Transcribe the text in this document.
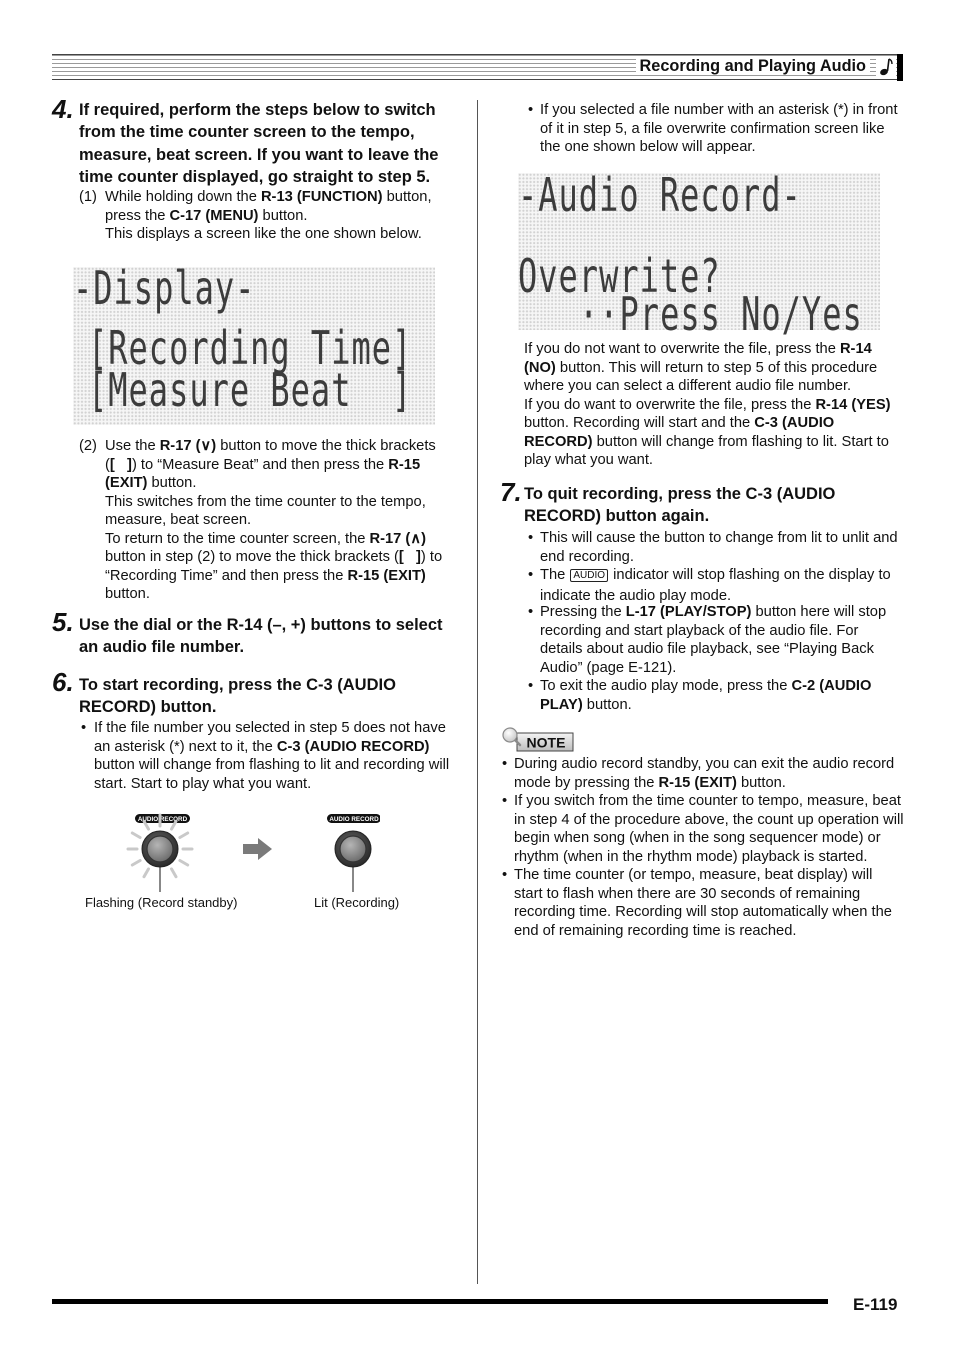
Recording and Playing Audio
4. If required, perform the steps below to switch
from the time counter screen to the tempo,
measure, beat screen. If you want to leave the
time counter displayed, go straight to step 5.
(1) While holding down the R-13 (FUNCTION) button,
press the C-17 (MENU) button.
This displays a screen like the one shown below.
-Display-
[Recording Time]
[Measure Beat  ]
(2) Use the R-17 (∨) button to move the thick brackets
([   ]) to “Measure Beat” and then press the R-15
(EXIT) button.
This switches from the time counter to the tempo,
measure, beat screen.
To return to the time counter screen, the R-17 (∧)
button in step (2) to move the thick brackets ([   ]) to
“Recording Time” and then press the R-15 (EXIT)
button.
5. Use the dial or the R-14 (–, +) buttons to select
an audio file number.
6. To start recording, press the C-3 (AUDIO
RECORD) button.
• If the file number you selected in step 5 does not have
an asterisk (*) next to it, the C-3 (AUDIO RECORD)
button will change from flashing to lit and recording will
start. Start to play what you want.
AUDIO RECORD	AUDIO RECORD
Flashing (Record standby)	Lit (Recording)
• If you selected a file number with an asterisk (*) in front
of it in step 5, a file overwrite confirmation screen like
the one shown below will appear.
-Audio Record-
Overwrite?
··Press No/Yes
If you do not want to overwrite the file, press the R-14
(NO) button. This will return to step 5 of this procedure
where you can select a different audio file number.
If you do want to overwrite the file, press the R-14 (YES)
button. Recording will start and the C-3 (AUDIO
RECORD) button will change from flashing to lit. Start to
play what you want.
7. To quit recording, press the C-3 (AUDIO
RECORD) button again.
• This will cause the button to change from lit to unlit and
end recording.
• The AUDIO indicator will stop flashing on the display to
indicate the audio play mode.
• Pressing the L-17 (PLAY/STOP) button here will stop
recording and start playback of the audio file. For
details about audio file playback, see “Playing Back
Audio” (page E-121).
• To exit the audio play mode, press the C-2 (AUDIO
PLAY) button.
NOTE
• During audio record standby, you can exit the audio record
mode by pressing the R-15 (EXIT) button.
• If you switch from the time counter to tempo, measure, beat
in step 4 of the procedure above, the count up operation will
begin when song (when in the song sequencer mode) or
rhythm (when in the rhythm mode) playback is started.
• The time counter (or tempo, measure, beat display) will
start to flash when there are 30 seconds of remaining
recording time. Recording will stop automatically when the
end of remaining recording time is reached.
E-119
